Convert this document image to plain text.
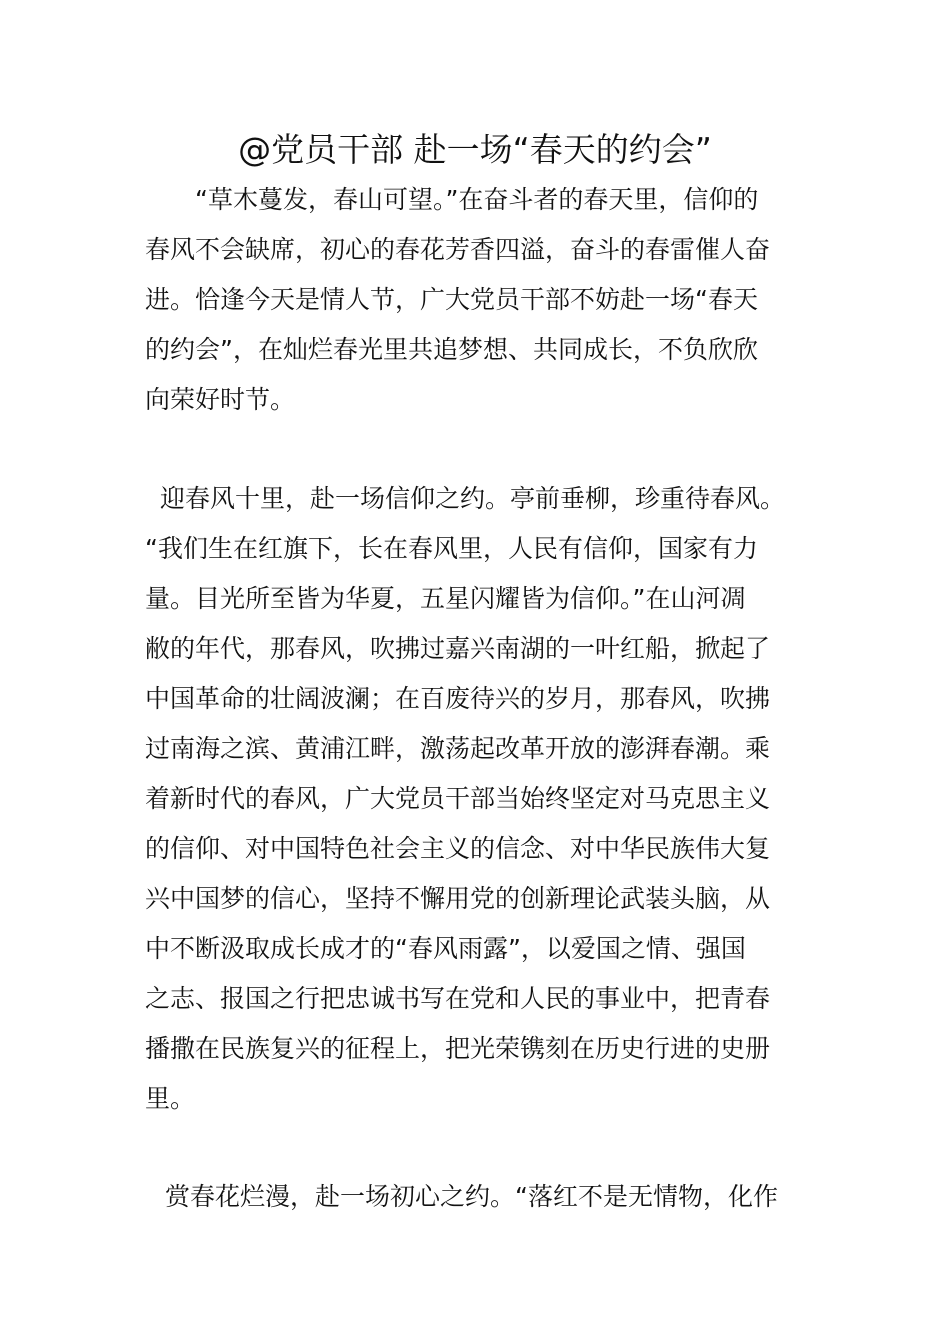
@党员干部 赴一场“春天的约会”
“草木蔓发，春山可望。”在奋斗者的春天里，信仰的
春风不会缺席，初心的春花芳香四溢，奋斗的春雷催人奋
进。恰逢今天是情人节，广大党员干部不妨赴一场“春天
的约会”，在灿烂春光里共追梦想、共同成长，不负欣欣
向荣好时节。
迎春风十里，赴一场信仰之约。亭前垂柳，珍重待春风。
“我们生在红旗下，长在春风里，人民有信仰，国家有力
量。目光所至皆为华夏，五星闪耀皆为信仰。”在山河凋
敝的年代，那春风，吹拂过嘉兴南湖的一叶红船，掀起了
中国革命的壮阔波澜；在百废待兴的岁月，那春风，吹拂
过南海之滨、黄浦江畔，激荡起改革开放的澎湃春潮。乘
着新时代的春风，广大党员干部当始终坚定对马克思主义
的信仰、对中国特色社会主义的信念、对中华民族伟大复
兴中国梦的信心，坚持不懈用党的创新理论武装头脑，从
中不断汲取成长成才的“春风雨露”，以爱国之情、强国
之志、报国之行把忠诚书写在党和人民的事业中，把青春
播撒在民族复兴的征程上，把光荣镌刻在历史行进的史册
里。
赏春花烂漫，赴一场初心之约。“落红不是无情物，化作
